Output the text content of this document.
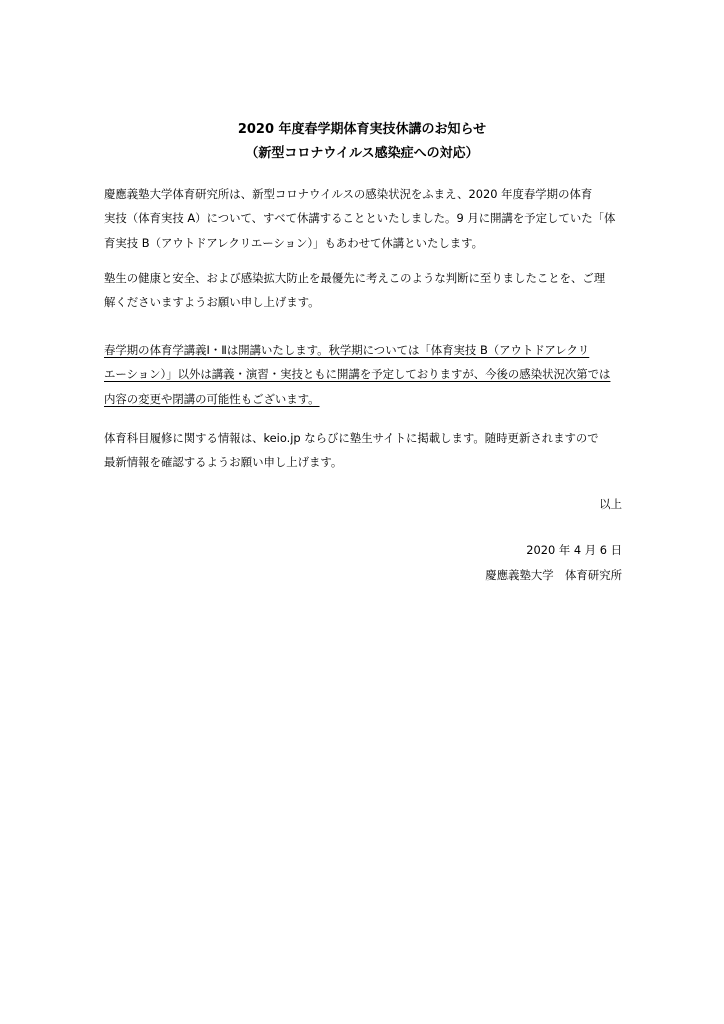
2020 年度春学期体育実技休講のお知らせ
（新型コロナウイルス感染症への対応）

慶應義塾大学体育研究所は、新型コロナウイルスの感染状況をふまえ、2020 年度春学期の体育
実技（体育実技 A）について、すべて休講することといたしました。9 月に開講を予定していた「体
育実技 B（アウトドアレクリエーション）」もあわせて休講といたします。

塾生の健康と安全、および感染拡大防止を最優先に考えこのような判断に至りましたことを、ご理
解くださいますようお願い申し上げます。

春学期の体育学講義Ⅰ・Ⅱは開講いたします。秋学期については「体育実技 B（アウトドアレクリ
エーション）」以外は講義・演習・実技ともに開講を予定しておりますが、今後の感染状況次第では
内容の変更や閉講の可能性もございます。

体育科目履修に関する情報は、keio.jp ならびに塾生サイトに掲載します。随時更新されますので
最新情報を確認するようお願い申し上げます。

以上

2020 年 4 月 6 日

慶應義塾大学　体育研究所
